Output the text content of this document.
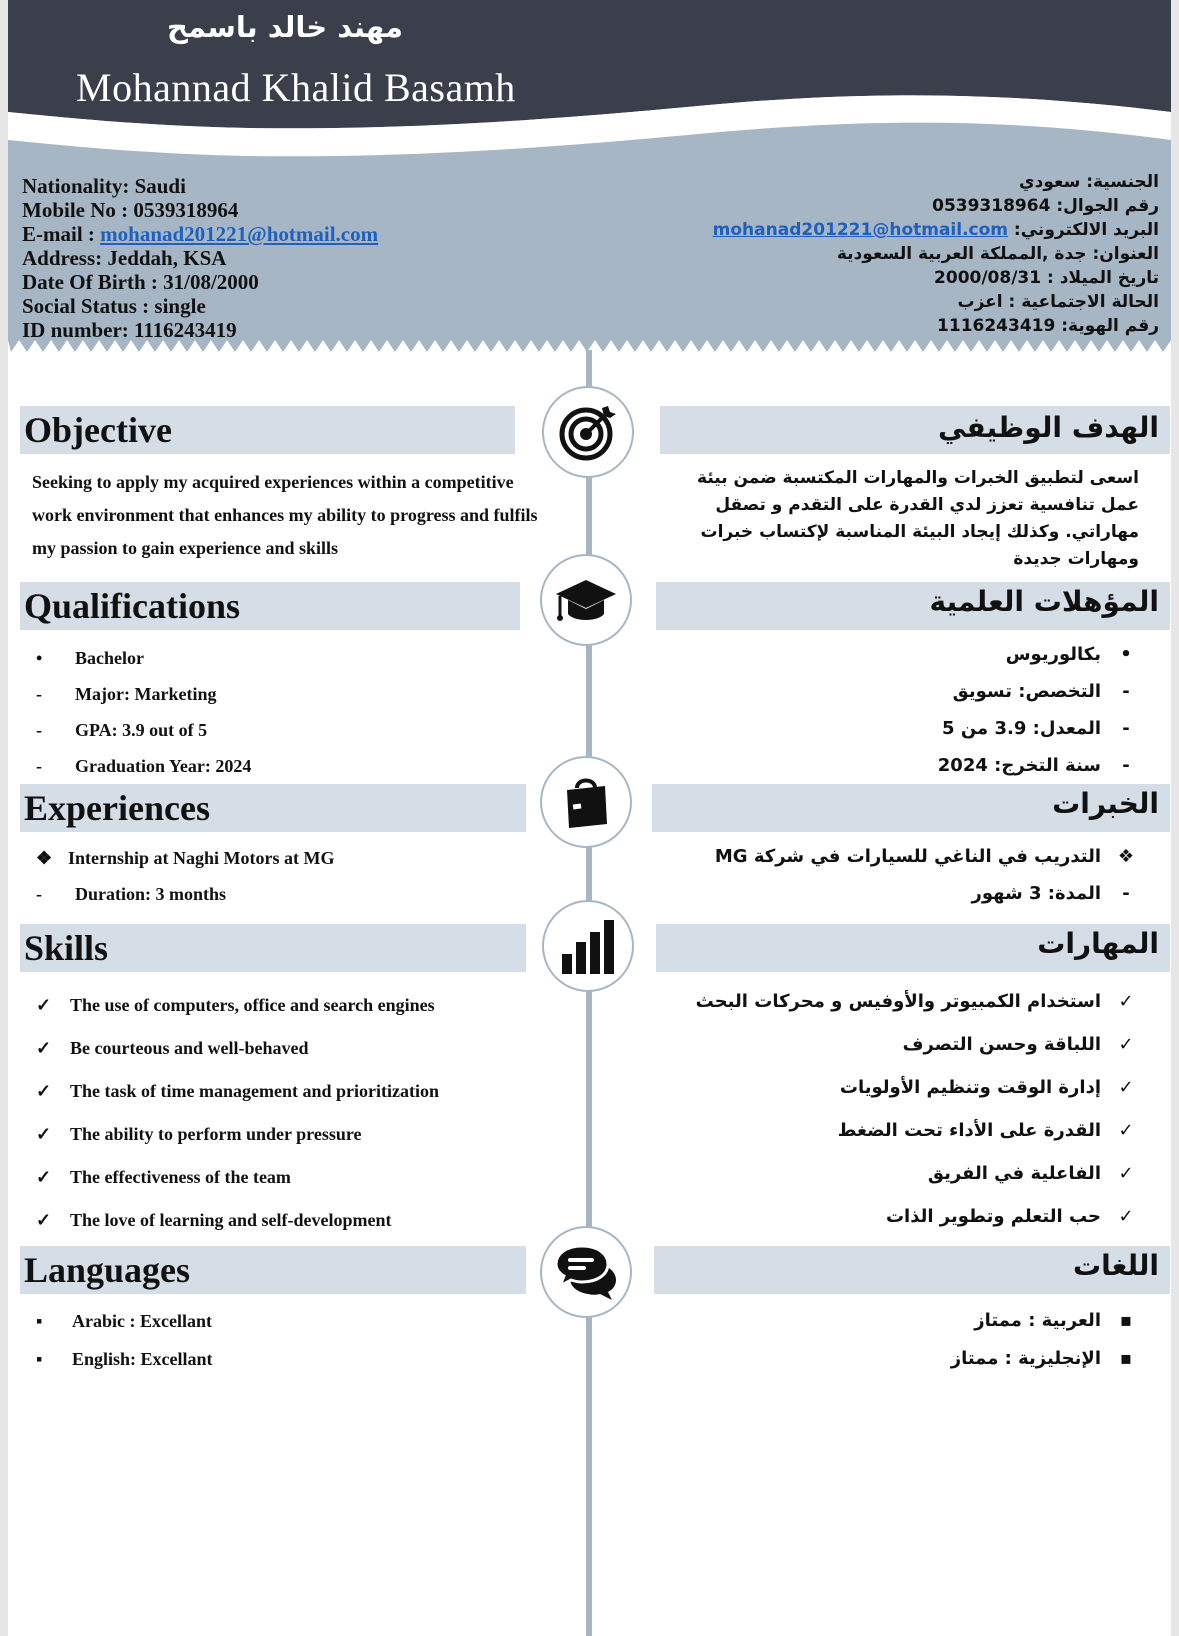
مهند خالد باسمح
Mohannad Khalid Basamh
Nationality: Saudi
Mobile No : 0539318964
E-mail : mohanad201221@hotmail.com
Address: Jeddah, KSA
Date Of Birth : 31/08/2000
Social Status : single
ID number: 1116243419
الجنسية: سعودي
رقم الجوال: 0539318964
البريد الالكتروني: mohanad201221@hotmail.com
العنوان: جدة ,المملكة العربية السعودية
تاريخ الميلاد : 2000/08/31
الحالة الاجتماعية : اعزب
رقم الهوية: 1116243419
Objective	الهدف الوظيفي
Seeking to apply my acquired experiences within a competitive work environment that enhances my ability to progress and fulfils my passion to gain experience and skills
اسعى لتطبيق الخبرات والمهارات المكتسبة ضمن بيئة عمل تنافسية تعزز لدي القدرة على التقدم و تصقل مهاراتي. وكذلك إيجاد البيئة المناسبة لإكتساب خبرات ومهارات جديدة
Qualifications	المؤهلات العلمية
•	Bachelor
-	Major: Marketing
-	GPA: 3.9 out of 5
-	Graduation Year: 2024
•
بكالوريوس
-
التخصص: تسويق
-
المعدل: 3.9 من 5
-
سنة التخرج: 2024
Experiences	الخبرات
❖ Internship at Naghi Motors at MG
-	Duration: 3 months
❖
التدريب في الناغي للسيارات في شركة MG
-
المدة: 3 شهور
Skills	المهارات
✓	The use of computers, office and search engines
✓	Be courteous and well-behaved
✓	The task of time management and prioritization
✓	The ability to perform under pressure
✓	The effectiveness of the team
✓	The love of learning and self-development
✓
استخدام الكمبيوتر والأوفيس و محركات البحث
✓
اللباقة وحسن التصرف
✓
إدارة الوقت وتنظيم الأولويات
✓
القدرة على الأداء تحت الضغط
✓
الفاعلية في الفريق
✓
حب التعلم وتطوير الذات
Languages	اللغات
▪	Arabic : Excellant
▪	English: Excellant
▪
العربية : ممتاز
▪
الإنجليزية : ممتاز
